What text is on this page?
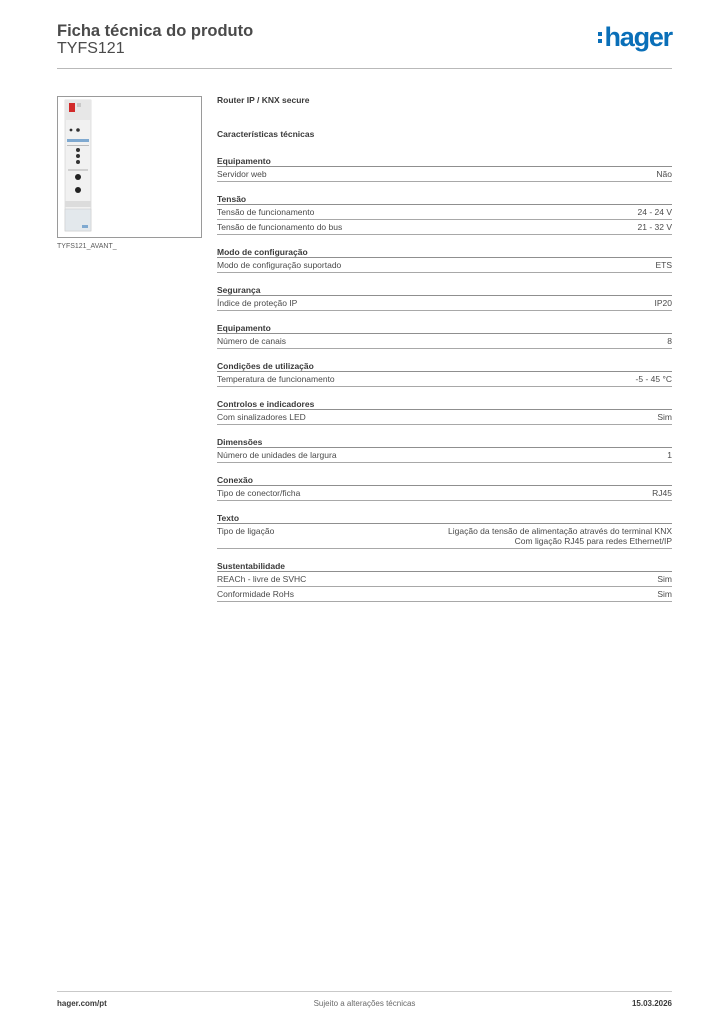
Ficha técnica do produto
TYFS121	hager
TYFS121_AVANT_
Router IP / KNX secure
Características técnicas
Equipamento
Servidor web	Não
Tensão
Tensão de funcionamento	24 - 24 V
Tensão de funcionamento do bus	21 - 32 V
Modo de configuração
Modo de configuração suportado	ETS
Segurança
Índice de proteção IP	IP20
Equipamento
Número de canais	8
Condições de utilização
Temperatura de funcionamento	-5 - 45 °C
Controlos e indicadores
Com sinalizadores LED	Sim
Dimensões
Número de unidades de largura	1
Conexão
Tipo de conector/ficha	RJ45
Texto
Tipo de ligação	Ligação da tensão de alimentação através do terminal KNX
Com ligação RJ45 para redes Ethernet/IP
Sustentabilidade
REACh - livre de SVHC	Sim
Conformidade RoHs	Sim
hager.com/pt	Sujeito a alterações técnicas	15.03.2026
